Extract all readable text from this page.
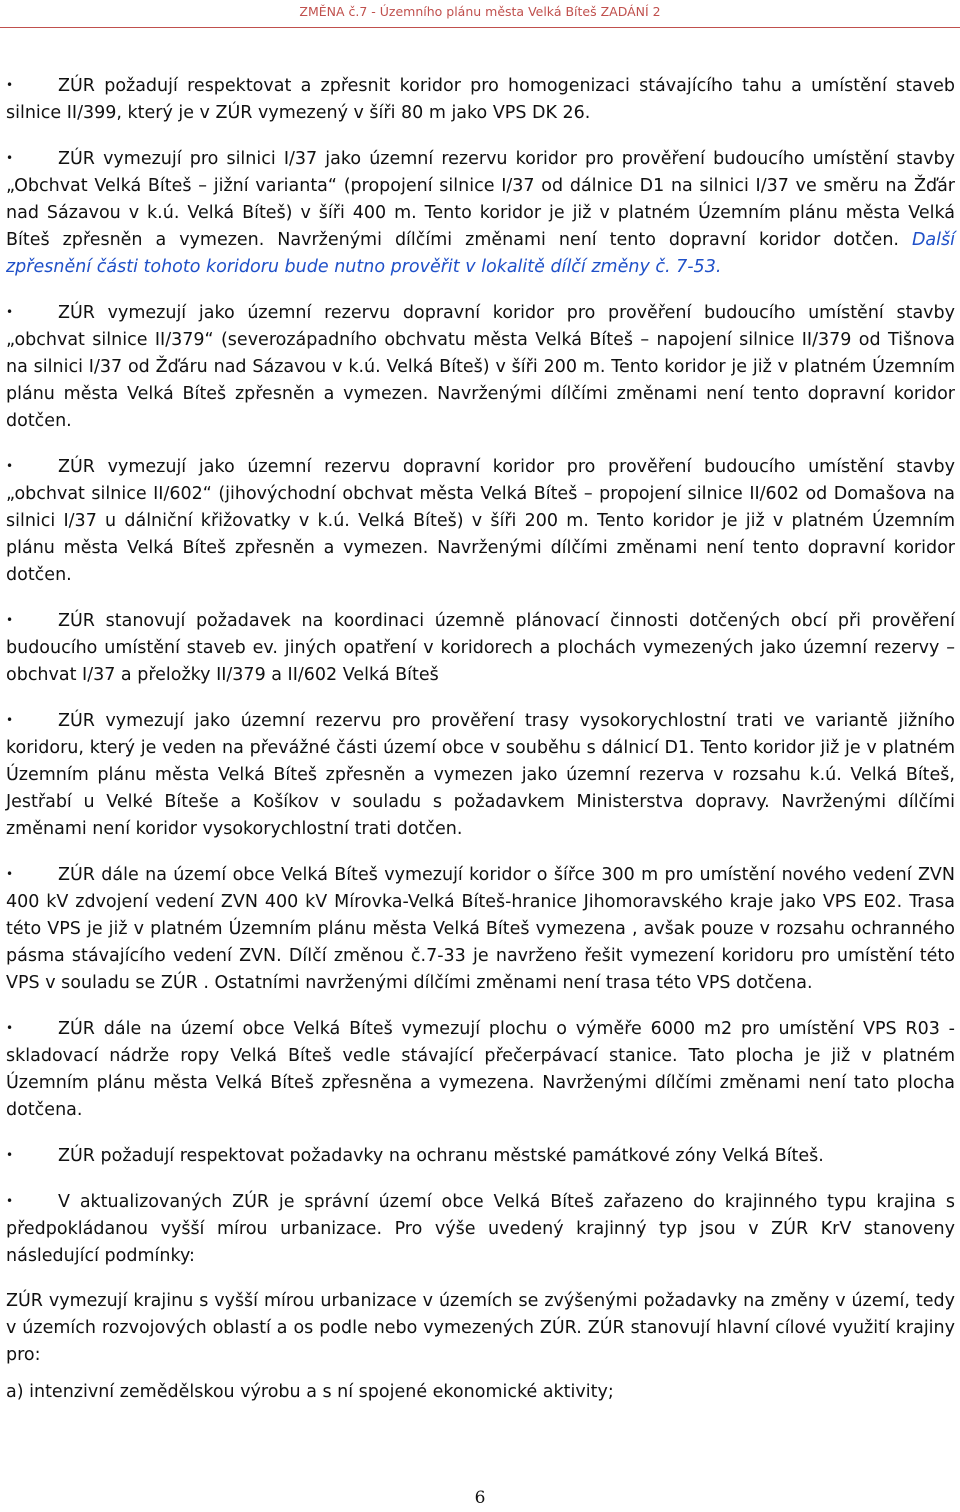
ZMĚNA č.7 - Územního plánu města Velká Bíteš ZADÁNÍ 2

•	ZÚR požadují respektovat a zpřesnit koridor pro homogenizaci stávajícího tahu a umístění staveb silnice II/399, který je v ZÚR vymezený v šíři 80 m jako VPS DK 26.

•	ZÚR vymezují pro silnici I/37 jako územní rezervu koridor pro prověření budoucího umístění stavby „Obchvat Velká Bíteš – jižní varianta“ (propojení silnice I/37 od dálnice D1 na silnici I/37 ve směru na Žďár nad Sázavou v k.ú. Velká Bíteš) v šíři 400 m. Tento koridor je již v platném Územním plánu města Velká Bíteš zpřesněn a vymezen. Navrženými dílčími změnami není tento dopravní koridor dotčen. Další zpřesnění části tohoto koridoru bude nutno prověřit v lokalitě dílčí změny č. 7-53.

•	ZÚR vymezují jako územní rezervu dopravní koridor pro prověření budoucího umístění stavby „obchvat silnice II/379“ (severozápadního obchvatu města Velká Bíteš – napojení silnice II/379 od Tišnova na silnici I/37 od Žďáru nad Sázavou v k.ú. Velká Bíteš) v šíři 200 m. Tento koridor je již v platném Územním plánu města Velká Bíteš zpřesněn a vymezen. Navrženými dílčími změnami není tento dopravní koridor dotčen.

•	ZÚR vymezují jako územní rezervu dopravní koridor pro prověření budoucího umístění stavby „obchvat silnice II/602“ (jihovýchodní obchvat města Velká Bíteš – propojení silnice II/602 od Domašova na silnici I/37 u dálniční křižovatky v k.ú. Velká Bíteš) v šíři 200 m. Tento koridor je již v platném Územním plánu města Velká Bíteš zpřesněn a vymezen. Navrženými dílčími změnami není tento dopravní koridor dotčen.

•	ZÚR stanovují požadavek na koordinaci územně plánovací činnosti dotčených obcí při prověření budoucího umístění staveb ev. jiných opatření v koridorech a plochách vymezených jako územní rezervy – obchvat I/37 a přeložky II/379 a II/602 Velká Bíteš

•	ZÚR vymezují jako územní rezervu pro prověření trasy vysokorychlostní trati ve variantě jižního koridoru, který je veden na převážné části území obce v souběhu s dálnicí D1. Tento koridor již je v platném Územním plánu města Velká Bíteš zpřesněn a vymezen jako územní rezerva v rozsahu k.ú. Velká Bíteš, Jestřabí u Velké Bíteše a Košíkov v souladu s požadavkem Ministerstva dopravy. Navrženými dílčími změnami není koridor vysokorychlostní trati dotčen.

•	ZÚR dále na území obce Velká Bíteš vymezují koridor o šířce 300 m pro umístění nového vedení ZVN 400 kV zdvojení vedení ZVN 400 kV Mírovka-Velká Bíteš-hranice Jihomoravského kraje jako VPS E02. Trasa této VPS je již v platném Územním plánu města Velká Bíteš vymezena , avšak pouze v rozsahu ochranného pásma stávajícího vedení ZVN. Dílčí změnou č.7-33 je navrženo řešit vymezení koridoru pro umístění této VPS v souladu se ZÚR . Ostatními navrženými dílčími změnami není trasa této VPS dotčena.

•	ZÚR dále na území obce Velká Bíteš vymezují plochu o výměře 6000 m2 pro umístění VPS R03 - skladovací nádrže ropy Velká Bíteš vedle stávající přečerpávací stanice. Tato plocha je již v platném Územním plánu města Velká Bíteš zpřesněna a vymezena. Navrženými dílčími změnami není tato plocha dotčena.

•	ZÚR požadují respektovat požadavky na ochranu městské památkové zóny Velká Bíteš.

•	V aktualizovaných ZÚR je správní území obce Velká Bíteš zařazeno do krajinného typu krajina s předpokládanou vyšší mírou urbanizace. Pro výše uvedený krajinný typ jsou v ZÚR KrV stanoveny následující podmínky:

ZÚR vymezují krajinu s vyšší mírou urbanizace v územích se zvýšenými požadavky na změny v území, tedy v územích rozvojových oblastí a os podle nebo vymezených ZÚR. ZÚR stanovují hlavní cílové využití krajiny pro:

a) intenzivní zemědělskou výrobu a s ní spojené ekonomické aktivity;

6
